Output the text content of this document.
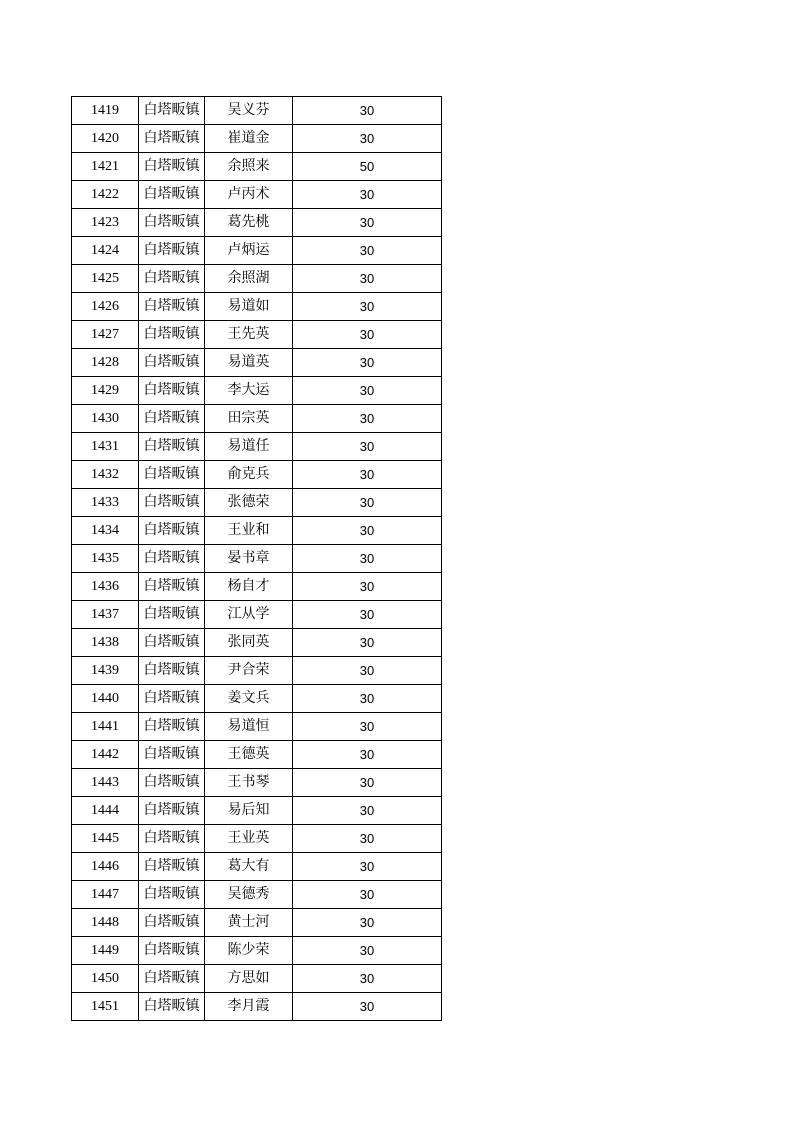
1419	白塔畈镇	吴义芬	30
1420	白塔畈镇	崔道金	30
1421	白塔畈镇	余照来	50
1422	白塔畈镇	卢丙术	30
1423	白塔畈镇	葛先桃	30
1424	白塔畈镇	卢炳运	30
1425	白塔畈镇	余照湖	30
1426	白塔畈镇	易道如	30
1427	白塔畈镇	王先英	30
1428	白塔畈镇	易道英	30
1429	白塔畈镇	李大运	30
1430	白塔畈镇	田宗英	30
1431	白塔畈镇	易道任	30
1432	白塔畈镇	俞克兵	30
1433	白塔畈镇	张德荣	30
1434	白塔畈镇	王业和	30
1435	白塔畈镇	晏书章	30
1436	白塔畈镇	杨自才	30
1437	白塔畈镇	江从学	30
1438	白塔畈镇	张同英	30
1439	白塔畈镇	尹合荣	30
1440	白塔畈镇	姜文兵	30
1441	白塔畈镇	易道恒	30
1442	白塔畈镇	王德英	30
1443	白塔畈镇	王书琴	30
1444	白塔畈镇	易后知	30
1445	白塔畈镇	王业英	30
1446	白塔畈镇	葛大有	30
1447	白塔畈镇	吴德秀	30
1448	白塔畈镇	黄士河	30
1449	白塔畈镇	陈少荣	30
1450	白塔畈镇	方思如	30
1451	白塔畈镇	李月霞	30
